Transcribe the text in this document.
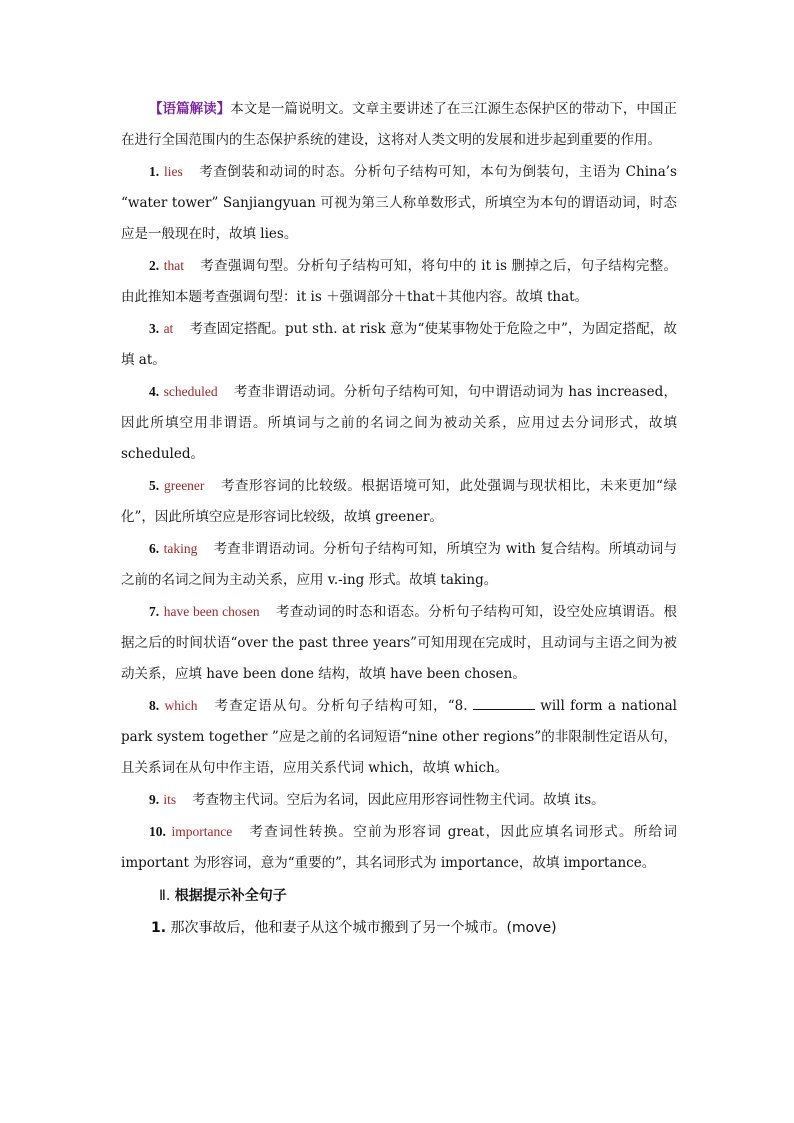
【语篇解读】本文是一篇说明文。文章主要讲述了在三江源生态保护区的带动下，中国正在进行全国范围内的生态保护系统的建设，这将对人类文明的发展和进步起到重要的作用。

1. lies 考查倒装和动词的时态。分析句子结构可知，本句为倒装句，主语为 China’s “water tower” Sanjiangyuan 可视为第三人称单数形式，所填空为本句的谓语动词，时态应是一般现在时，故填 lies。

2. that 考查强调句型。分析句子结构可知，将句中的 it is 删掉之后，句子结构完整。由此推知本题考查强调句型：it is ＋强调部分＋that＋其他内容。故填 that。

3. at 考查固定搭配。put sth. at risk 意为“使某事物处于危险之中”，为固定搭配，故填 at。

4. scheduled 考查非谓语动词。分析句子结构可知，句中谓语动词为 has increased，因此所填空用非谓语。所填词与之前的名词之间为被动关系，应用过去分词形式，故填 scheduled。

5. greener 考查形容词的比较级。根据语境可知，此处强调与现状相比，未来更加“绿化”，因此所填空应是形容词比较级，故填 greener。

6. taking 考查非谓语动词。分析句子结构可知，所填空为 with 复合结构。所填动词与之前的名词之间为主动关系，应用 v.-ing 形式。故填 taking。

7. have been chosen 考查动词的时态和语态。分析句子结构可知，设空处应填谓语。根据之后的时间状语“over the past three years”可知用现在完成时，且动词与主语之间为被动关系，应填 have been done 结构，故填 have been chosen。

8. which 考查定语从句。分析句子结构可知，“8.	will form a national park system together ”应是之前的名词短语“nine other regions”的非限制性定语从句，且关系词在从句中作主语，应用关系代词 which，故填 which。

9. its 考查物主代词。空后为名词，因此应用形容词性物主代词。故填 its。

10. importance 考查词性转换。空前为形容词 great，因此应填名词形式。所给词 important 为形容词，意为“重要的”，其名词形式为 importance，故填 importance。

Ⅱ. 根据提示补全句子

1. 那次事故后，他和妻子从这个城市搬到了另一个城市。(move)
